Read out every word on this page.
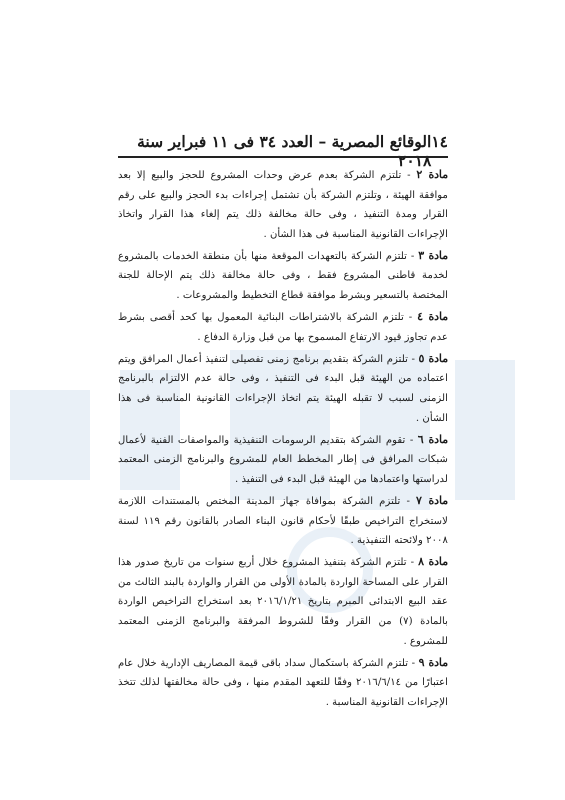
١٤
الوقائع المصرية – العدد ٣٤ فى ١١ فبراير سنة ٢٠١٨

مادة ٢ - تلتزم الشركة بعدم عرض وحدات المشروع للحجز والبيع إلا بعد موافقة الهيئة ، وتلتزم الشركة بأن تشتمل إجراءات بدء الحجز والبيع على رقم القرار ومدة التنفيذ ، وفى حالة مخالفة ذلك يتم إلغاء هذا القرار واتخاذ الإجراءات القانونية المناسبة فى هذا الشأن .

مادة ٣ - تلتزم الشركة بالتعهدات الموقعة منها بأن منطقة الخدمات بالمشروع لخدمة قاطنى المشروع فقط ، وفى حالة مخالفة ذلك يتم الإحالة للجنة المختصة بالتسعير وبشرط موافقة قطاع التخطيط والمشروعات .

مادة ٤ - تلتزم الشركة بالاشتراطات البنائية المعمول بها كحد أقصى بشرط عدم تجاوز قيود الارتفاع المسموح بها من قبل وزارة الدفاع .

مادة ٥ - تلتزم الشركة بتقديم برنامج زمنى تفصيلى لتنفيذ أعمال المرافق ويتم اعتماده من الهيئة قبل البدء فى التنفيذ ، وفى حالة عدم الالتزام بالبرنامج الزمنى لسبب لا تقبله الهيئة يتم اتخاذ الإجراءات القانونية المناسبة فى هذا الشأن .

مادة ٦ - تقوم الشركة بتقديم الرسومات التنفيذية والمواصفات الفنية لأعمال شبكات المرافق فى إطار المخطط العام للمشروع والبرنامج الزمنى المعتمد لدراستها واعتمادها من الهيئة قبل البدء فى التنفيذ .

مادة ٧ - تلتزم الشركة بموافاة جهاز المدينة المختص بالمستندات اللازمة لاستخراج التراخيص طبقًا لأحكام قانون البناء الصادر بالقانون رقم ١١٩ لسنة ٢٠٠٨ ولائحته التنفيذية .

مادة ٨ - تلتزم الشركة بتنفيذ المشروع خلال أربع سنوات من تاريخ صدور هذا القرار على المساحة الواردة بالمادة الأولى من القرار والواردة بالبند الثالث من عقد البيع الابتدائى المبرم بتاريخ ٢٠١٦/١/٢١ بعد استخراج التراخيص الواردة بالمادة (٧) من القرار وفقًا للشروط المرفقة والبرنامج الزمنى المعتمد للمشروع .

مادة ٩ - تلتزم الشركة باستكمال سداد باقى قيمة المصاريف الإدارية خلال عام اعتبارًا من ٢٠١٦/٦/١٤ وفقًا للتعهد المقدم منها ، وفى حالة مخالفتها لذلك تتخذ الإجراءات القانونية المناسبة .
